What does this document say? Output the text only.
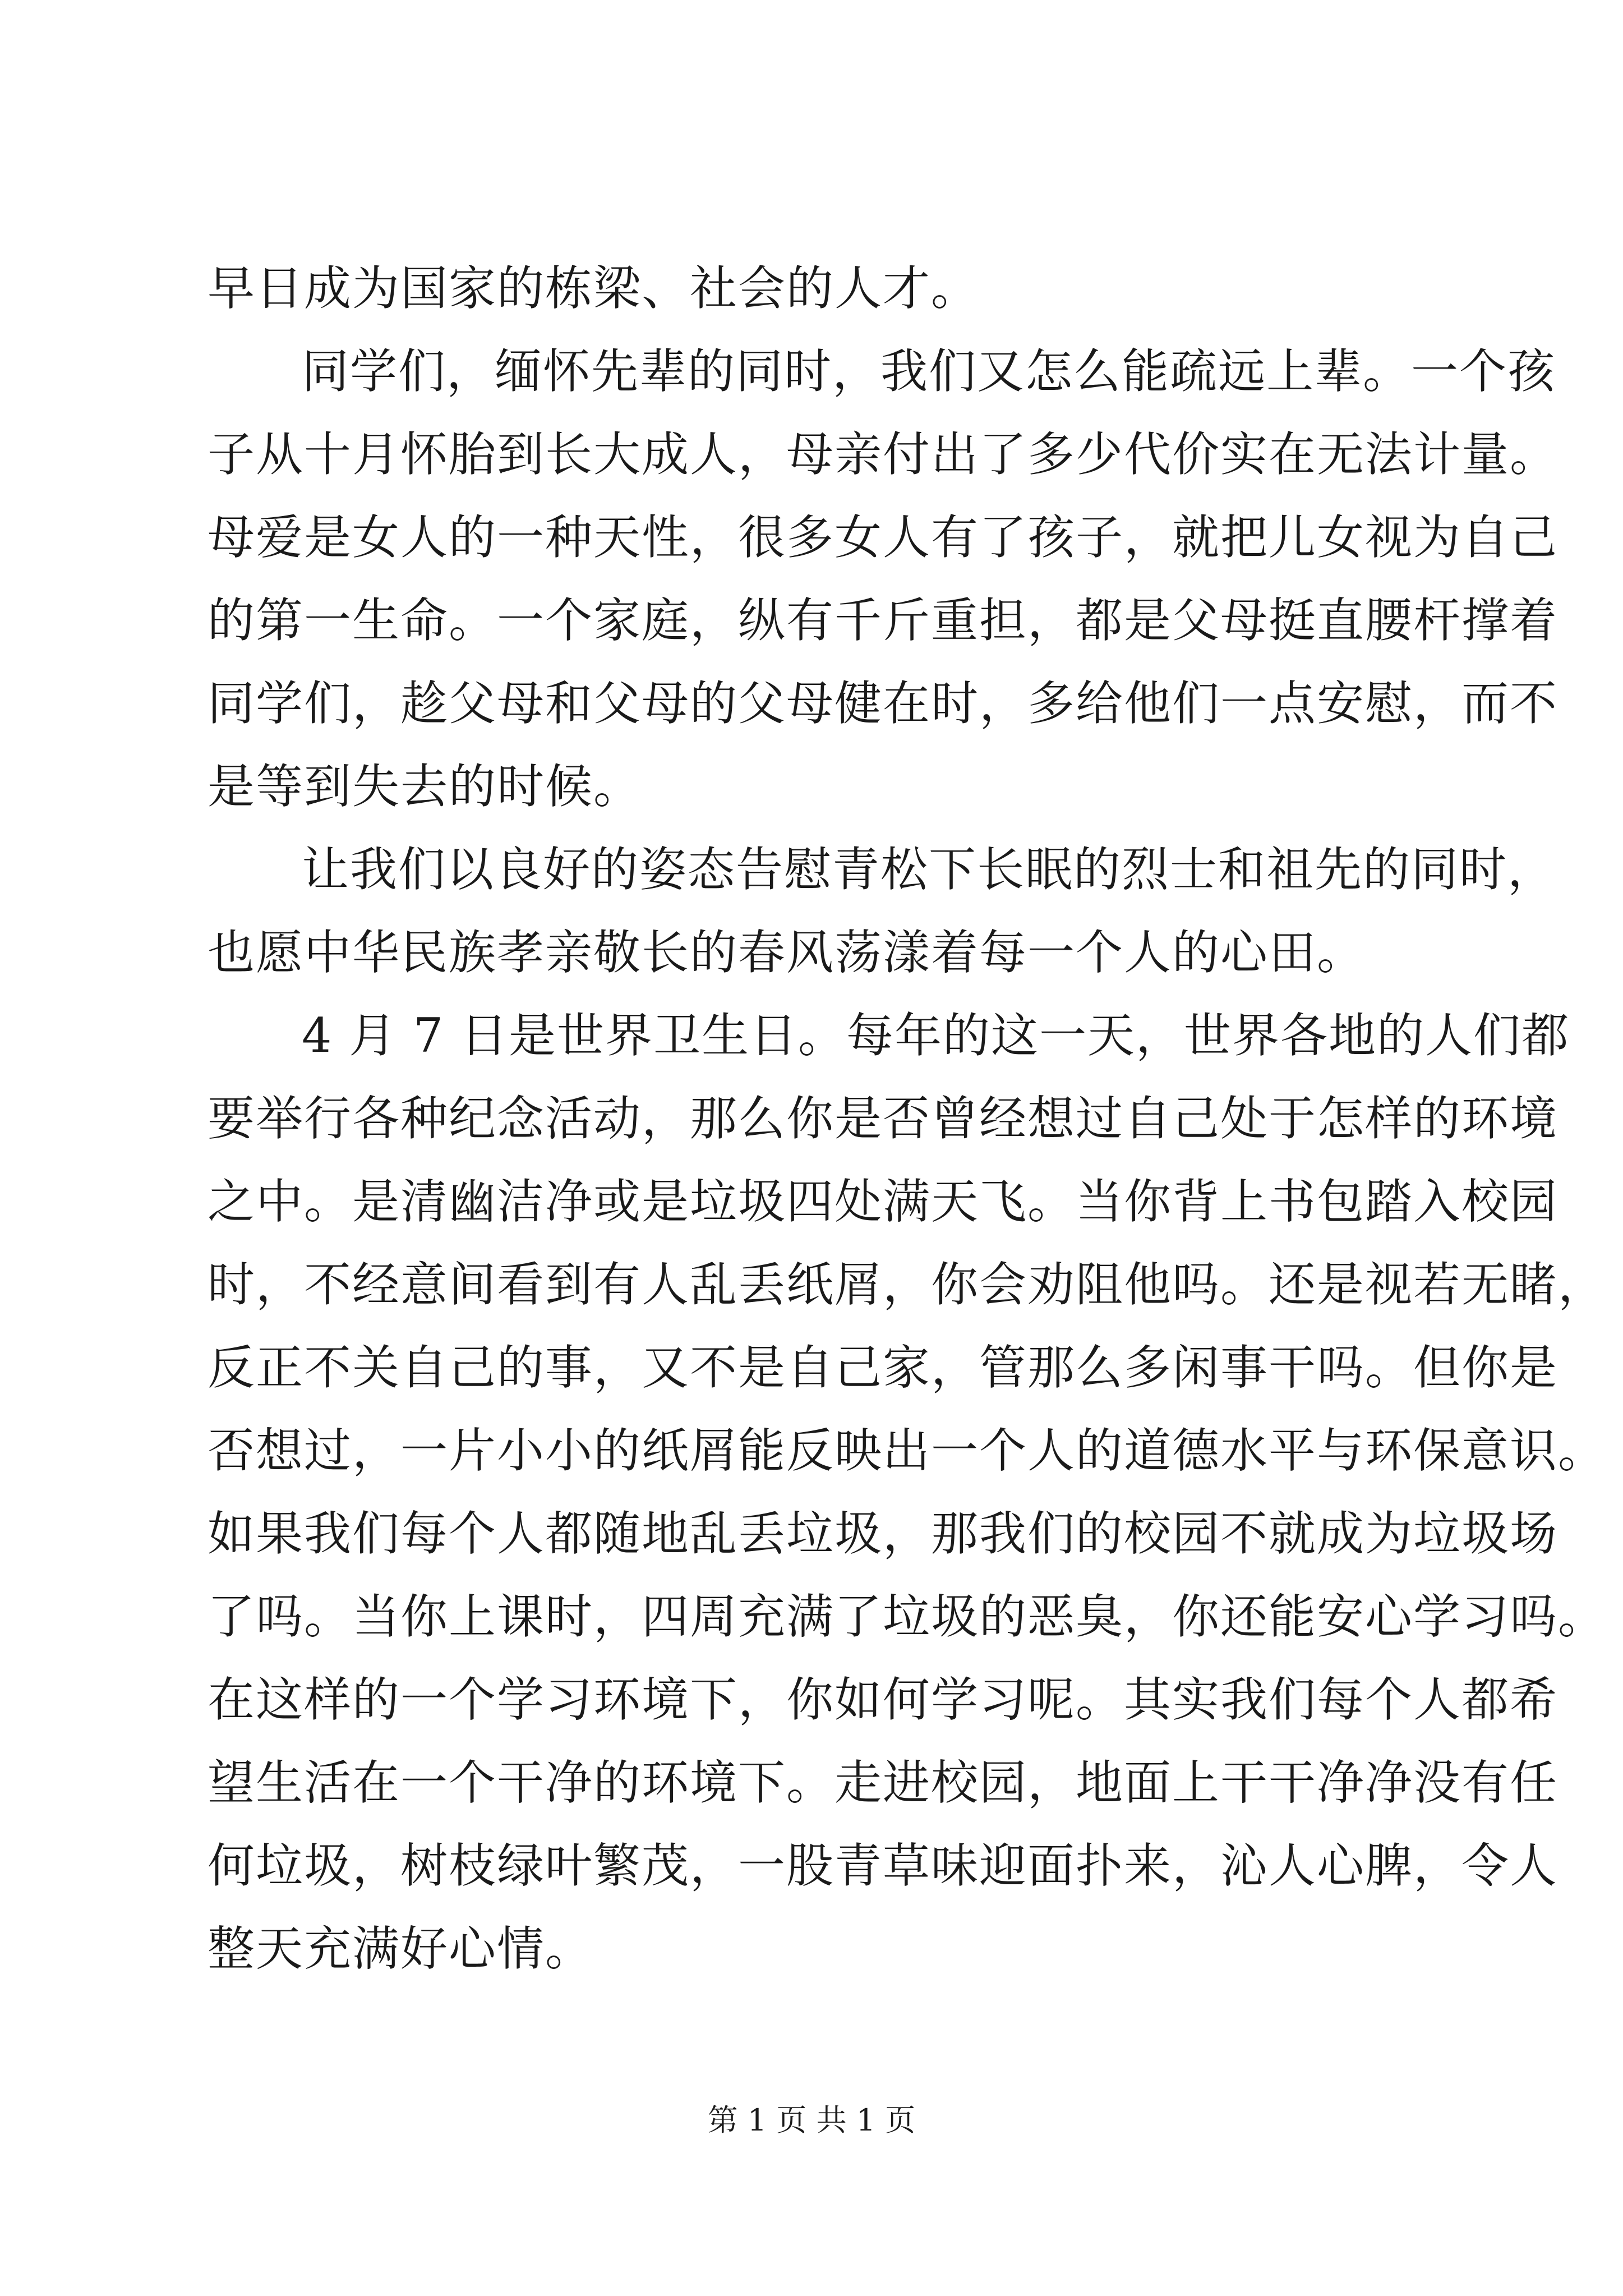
早日成为国家的栋梁、社会的人才。
同学们，缅怀先辈的同时，我们又怎么能疏远上辈。一个孩
子从十月怀胎到长大成人，母亲付出了多少代价实在无法计量。
母爱是女人的一种天性，很多女人有了孩子，就把儿女视为自己
的第一生命。一个家庭，纵有千斤重担，都是父母挺直腰杆撑着
同学们，趁父母和父母的父母健在时，多给他们一点安慰，而不
是等到失去的时候。
让我们以良好的姿态告慰青松下长眠的烈士和祖先的同时，
也愿中华民族孝亲敬长的春风荡漾着每一个人的心田。
4 月 7 日是世界卫生日。每年的这一天，世界各地的人们都
要举行各种纪念活动，那么你是否曾经想过自己处于怎样的环境
之中。是清幽洁净或是垃圾四处满天飞。当你背上书包踏入校园
时，不经意间看到有人乱丢纸屑，你会劝阻他吗。还是视若无睹，
反正不关自己的事，又不是自己家，管那么多闲事干吗。但你是
否想过，一片小小的纸屑能反映出一个人的道德水平与环保意识。
如果我们每个人都随地乱丢垃圾，那我们的校园不就成为垃圾场
了吗。当你上课时，四周充满了垃圾的恶臭，你还能安心学习吗。
在这样的一个学习环境下，你如何学习呢。其实我们每个人都希
望生活在一个干净的环境下。走进校园，地面上干干净净没有任
何垃圾，树枝绿叶繁茂，一股青草味迎面扑来，沁人心脾，令人
整天充满好心情。
第 1 页 共 1 页
